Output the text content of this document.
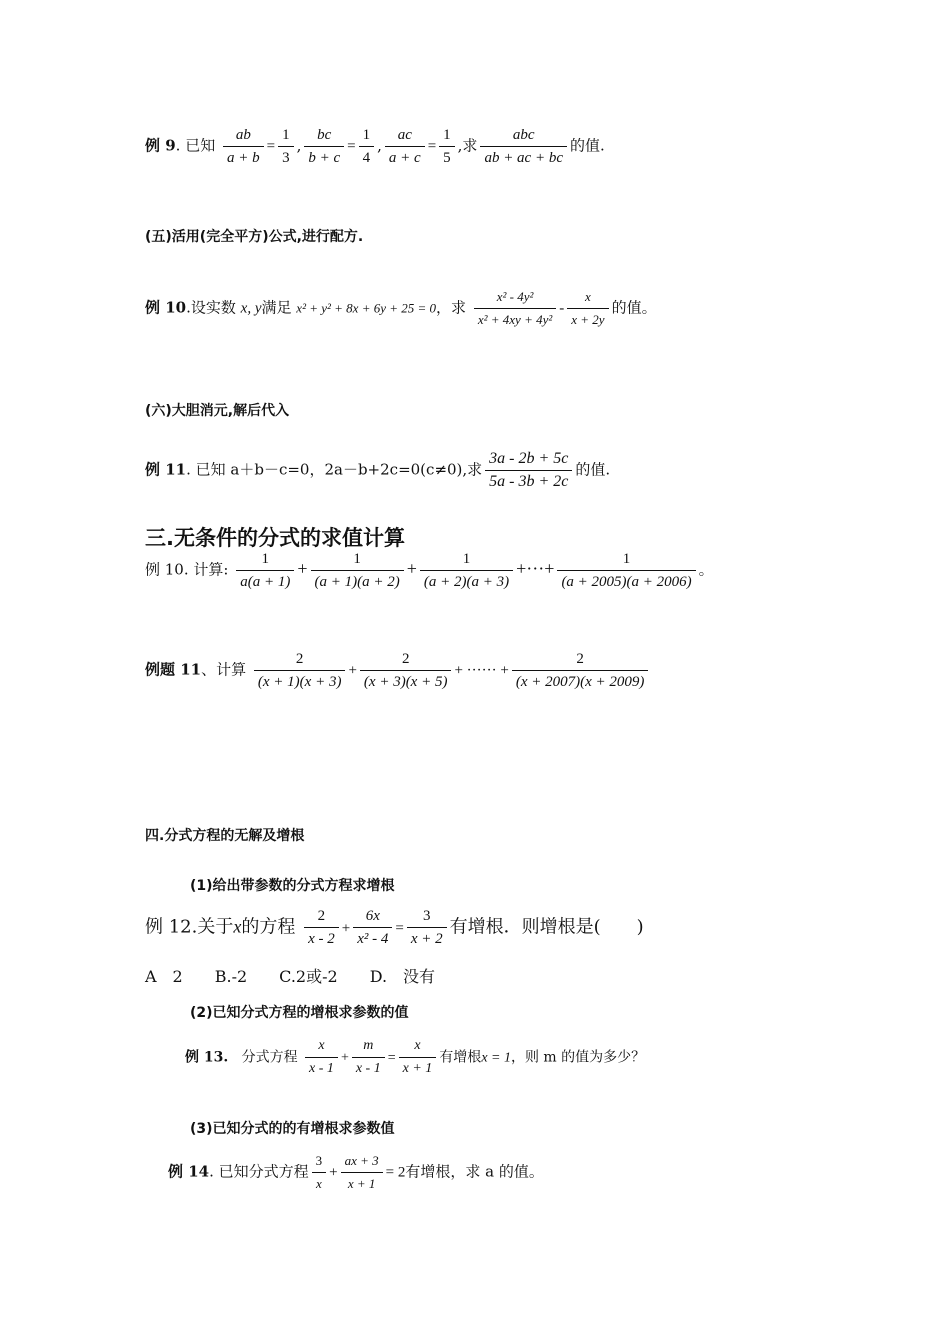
例 9. 已知 $\frac{ab}{a + b} = \frac{1}{3}$ , $\frac{bc}{b + c} = \frac{1}{4}$ , $\frac{ac}{a + c} = \frac{1}{5}$ ,求 $\frac{\text{abc}}{ab + ac + bc}$ 的值.
(五)活用(完全平方)公式,进行配方.
例 10.设实数 x, y满足 x² + y² + 8x + 6y + 25 = 0，求 $\frac{\text{x² - 4y²}}{\text{x² + 4xy + 4y²}} - \frac{x}{x + 2y}$ 的值。
(六)大胆消元,解后代入
例 11. 已知 a＋b－c=0，2a－b+2c=0(c≠0),求 $\frac{3a - 2b + 5c}{5a - 3b + 2c}$ 的值.
三.无条件的分式的求值计算
例 10. 计算: $\frac{1}{a(a + 1)} + \frac{1}{(a + 1)(a + 2)} + \frac{1}{(a + 2)(a + 3)}$ +···+ $\frac{1}{(a + 2005)(a + 2006)}$ 。
例题 11、计算 $\frac{2}{(x + 1)(x + 3)} + \frac{2}{(x + 3)(x + 5)}$ + ······ + $\frac{2}{(x + 2007)(x + 2009)}$
四.分式方程的无解及增根
(1)给出带参数的分式方程求增根
例 12.关于x的方程 $\frac{2}{x - 2} + \frac{6x}{\text{x² - 4}} = \frac{3}{x + 2}$ 有增根．则增根是(　　)
A　2　　B.-2　　C.2或-2　　D.　没有
(2)已知分式方程的增根求参数的值
例 13. 分式方程 $\frac{x}{x - 1} + \frac{m}{x - 1} = \frac{x}{x + 1}$ 有增根x = 1，则 m 的值为多少？
(3)已知分式的的有增根求参数值
例 14. 已知分式方程 $\frac{3}{x} + \frac{ax + 3}{x + 1} = 2$有增根，求 a 的值。
